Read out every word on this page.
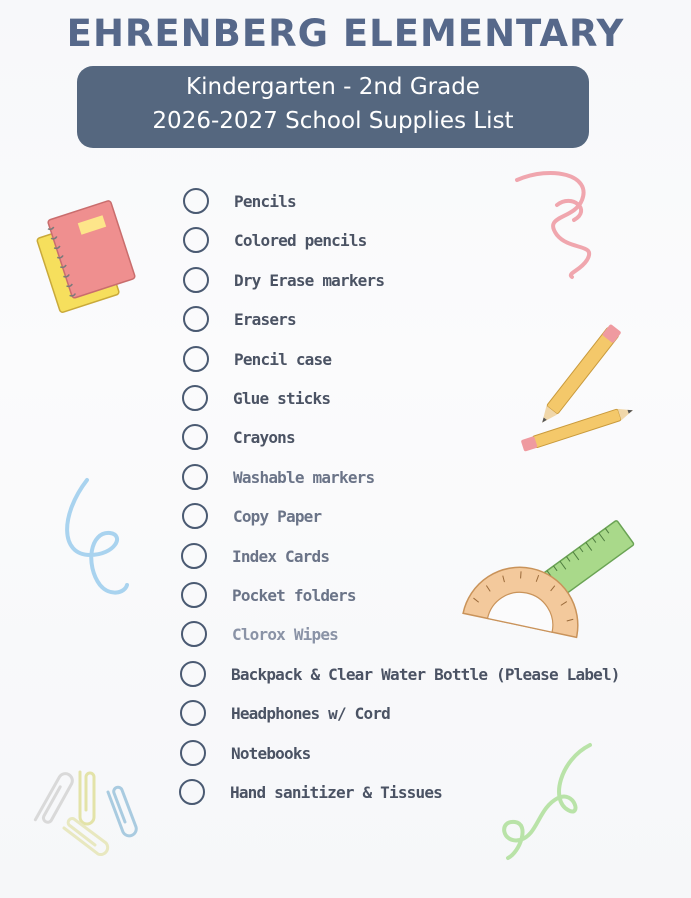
EHRENBERG ELEMENTARY
Kindergarten - 2nd Grade
2026-2027 School Supplies List
Pencils
Colored pencils
Dry Erase markers
Erasers
Pencil case
Glue sticks
Crayons
Washable markers
Copy Paper
Index Cards
Pocket folders
Clorox Wipes
Backpack & Clear Water Bottle (Please Label)
Headphones w/ Cord
Notebooks
Hand sanitizer & Tissues
